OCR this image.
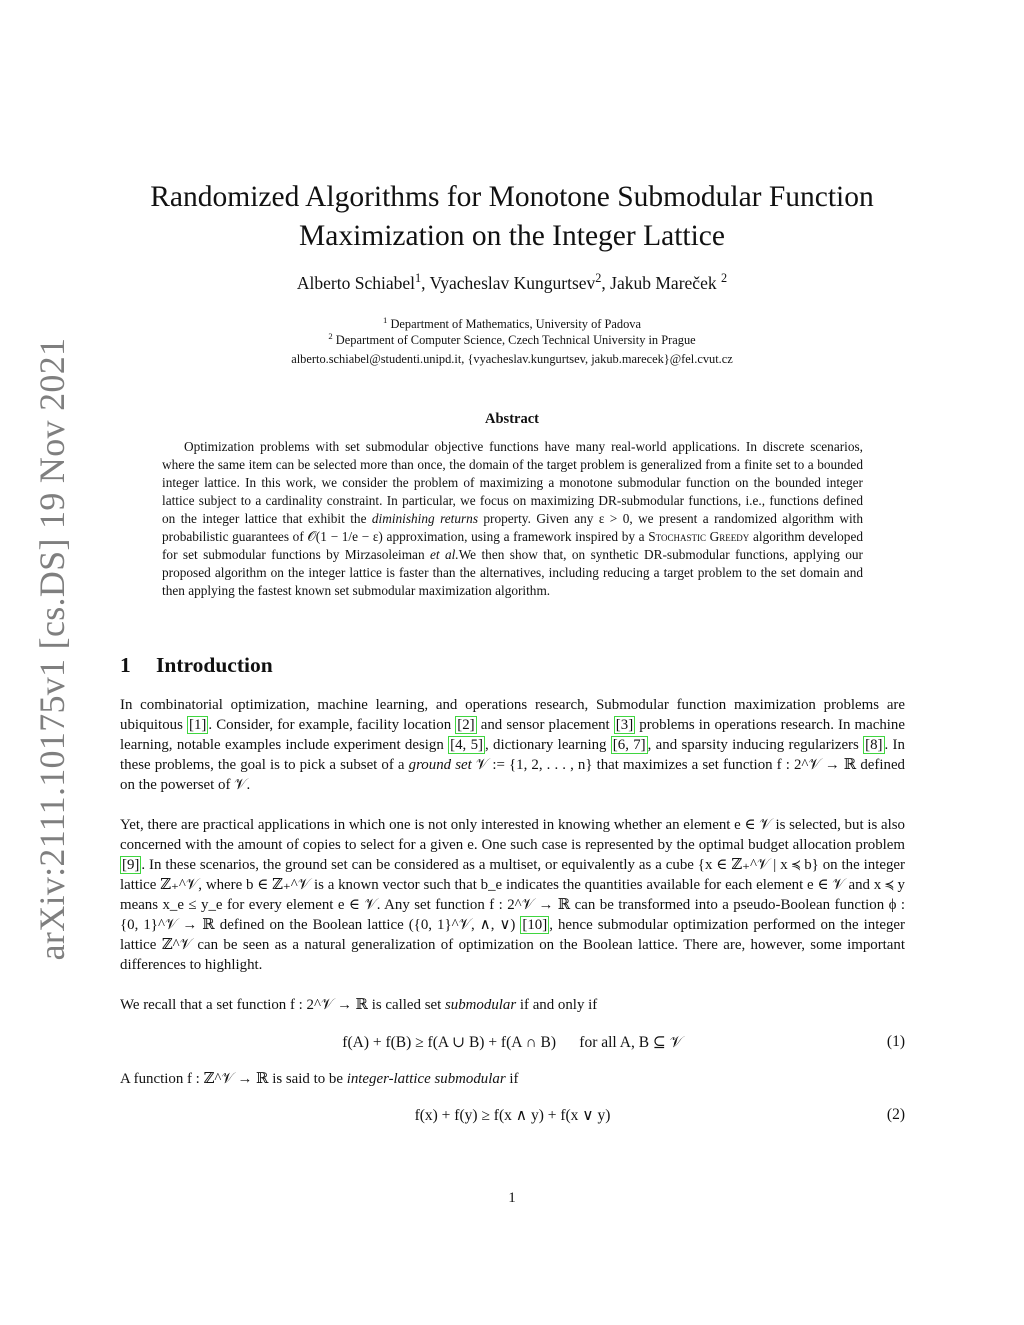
arXiv:2111.10175v1 [cs.DS] 19 Nov 2021
Randomized Algorithms for Monotone Submodular Function
Maximization on the Integer Lattice
Alberto Schiabel$^1$, Vyacheslav Kungurtsev$^2$, Jakub Mareček $^2$
$^1$ Department of Mathematics, University of Padova
$^2$ Department of Computer Science, Czech Technical University in Prague
alberto.schiabel@studenti.unipd.it, {vyacheslav.kungurtsev, jakub.marecek}@fel.cvut.cz
Abstract

Optimization problems with set submodular objective functions have many real-world applications. In discrete scenarios, where the same item can be selected more than once, the domain of the target problem is generalized from a finite set to a bounded integer lattice. In this work, we consider the problem of maximizing a monotone submodular function on the bounded integer lattice subject to a cardinality constraint. In particular, we focus on maximizing DR-submodular functions, i.e., functions defined on the integer lattice that exhibit the diminishing returns property. Given any ε > 0, we present a randomized algorithm with probabilistic guarantees of 𝒪(1 − 1/e − ε) approximation, using a framework inspired by a Stochastic Greedy algorithm developed for set submodular functions by Mirzasoleiman et al.We then show that, on synthetic DR-submodular functions, applying our proposed algorithm on the integer lattice is faster than the alternatives, including reducing a target problem to the set domain and then applying the fastest known set submodular maximization algorithm.

1 Introduction

In combinatorial optimization, machine learning, and operations research, Submodular function maximization problems are ubiquitous [1] . Consider, for example, facility location [2] and sensor placement [3] problems in operations research. In machine learning, notable examples include experiment design [4, 5] , dictionary learning [6, 7] , and sparsity inducing regularizers [8] . In these problems, the goal is to pick a subset of a ground set 𝒱 := {1, 2, . . . , n} that maximizes a set function f : 2^𝒱 → ℝ defined on the powerset of 𝒱.

Yet, there are practical applications in which one is not only interested in knowing whether an element e ∈ 𝒱 is selected, but is also concerned with the amount of copies to select for a given e. One such case is represented by the optimal budget allocation problem [9] . In these scenarios, the ground set can be considered as a multiset, or equivalently as a cube {x ∈ ℤ₊^𝒱 | x ≼ b} on the integer lattice ℤ₊^𝒱, where b ∈ ℤ₊^𝒱 is a known vector such that b_e indicates the quantities available for each element e ∈ 𝒱 and x ≼ y means x_e ≤ y_e for every element e ∈ 𝒱. Any set function f : 2^𝒱 → ℝ can be transformed into a pseudo-Boolean function ϕ : {0, 1}^𝒱 → ℝ defined on the Boolean lattice ({0, 1}^𝒱, ∧, ∨) [10] , hence submodular optimization performed on the integer lattice ℤ^𝒱 can be seen as a natural generalization of optimization on the Boolean lattice. There are, however, some important differences to highlight.

We recall that a set function f : 2^𝒱 → ℝ is called set submodular if and only if

f(A) + f(B) ≥ f(A ∪ B) + f(A ∩ B)      for all A, B ⊆ 𝒱	(1)

A function f : ℤ^𝒱 → ℝ is said to be integer-lattice submodular if

f(x) + f(y) ≥ f(x ∧ y) + f(x ∨ y)	(2)
1
